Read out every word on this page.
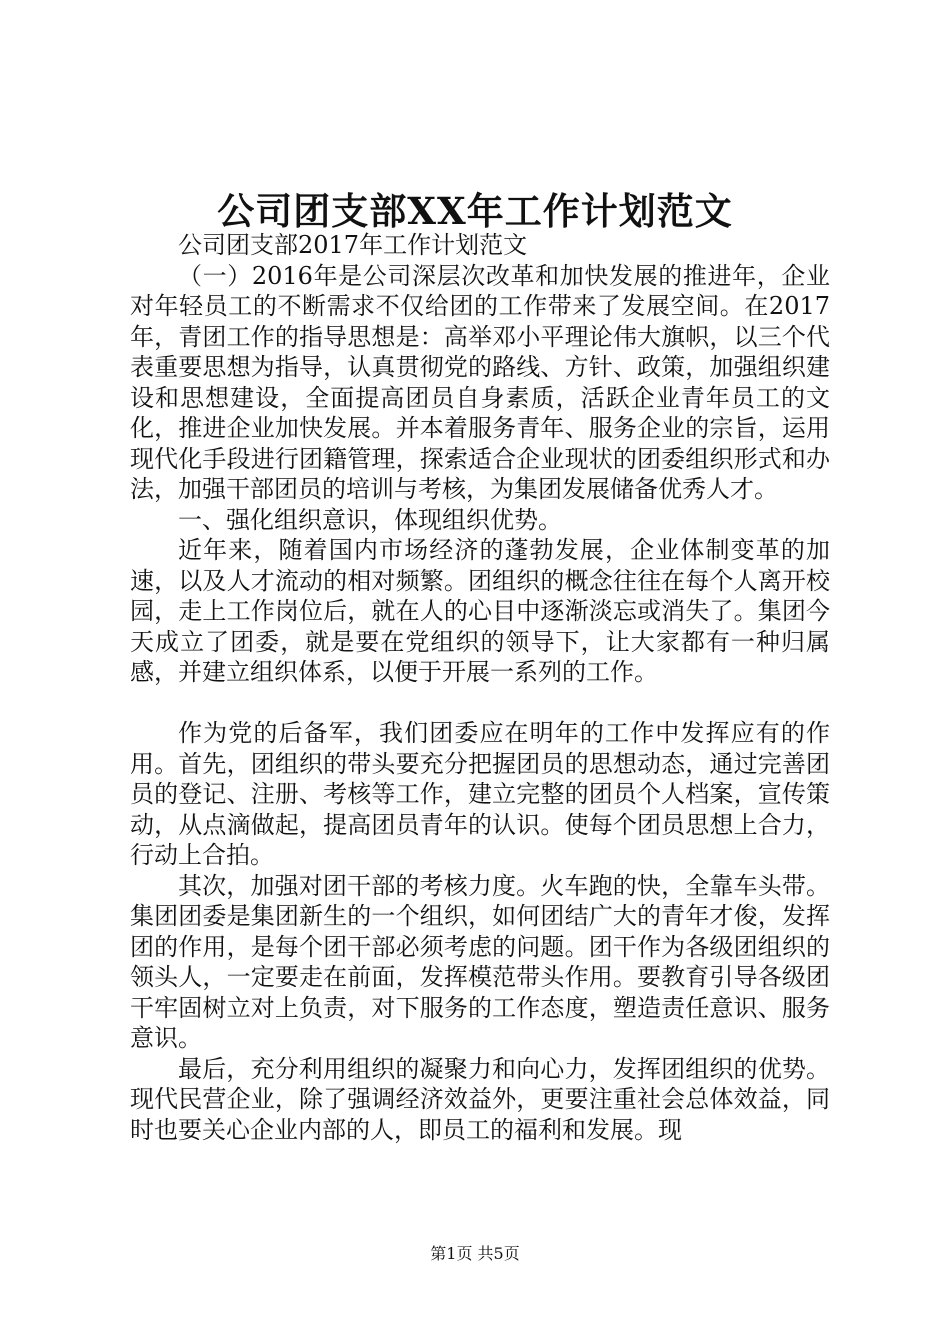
公司团支部XX年工作计划范文

公司团支部2017年工作计划范文

（一）2016年是公司深层次改革和加快发展的推进年，企业对年轻员工的不断需求不仅给团的工作带来了发展空间。在2017年，青团工作的指导思想是：高举邓小平理论伟大旗帜，以三个代表重要思想为指导，认真贯彻党的路线、方针、政策，加强组织建设和思想建设，全面提高团员自身素质，活跃企业青年员工的文化，推进企业加快发展。并本着服务青年、服务企业的宗旨，运用现代化手段进行团籍管理，探索适合企业现状的团委组织形式和办法，加强干部团员的培训与考核，为集团发展储备优秀人才。

一、强化组织意识，体现组织优势。

近年来，随着国内市场经济的蓬勃发展，企业体制变革的加速，以及人才流动的相对频繁。团组织的概念往往在每个人离开校园，走上工作岗位后，就在人的心目中逐渐淡忘或消失了。集团今天成立了团委，就是要在党组织的领导下，让大家都有一种归属感，并建立组织体系，以便于开展一系列的工作。

作为党的后备军，我们团委应在明年的工作中发挥应有的作用。首先，团组织的带头要充分把握团员的思想动态，通过完善团员的登记、注册、考核等工作，建立完整的团员个人档案，宣传策动，从点滴做起，提高团员青年的认识。使每个团员思想上合力，行动上合拍。

其次，加强对团干部的考核力度。火车跑的快，全靠车头带。集团团委是集团新生的一个组织，如何团结广大的青年才俊，发挥团的作用，是每个团干部必须考虑的问题。团干作为各级团组织的领头人，一定要走在前面，发挥模范带头作用。要教育引导各级团干牢固树立对上负责，对下服务的工作态度，塑造责任意识、服务意识。

最后，充分利用组织的凝聚力和向心力，发挥团组织的优势。现代民营企业，除了强调经济效益外，更要注重社会总体效益，同时也要关心企业内部的人，即员工的福利和发展。现

第1页 共5页
